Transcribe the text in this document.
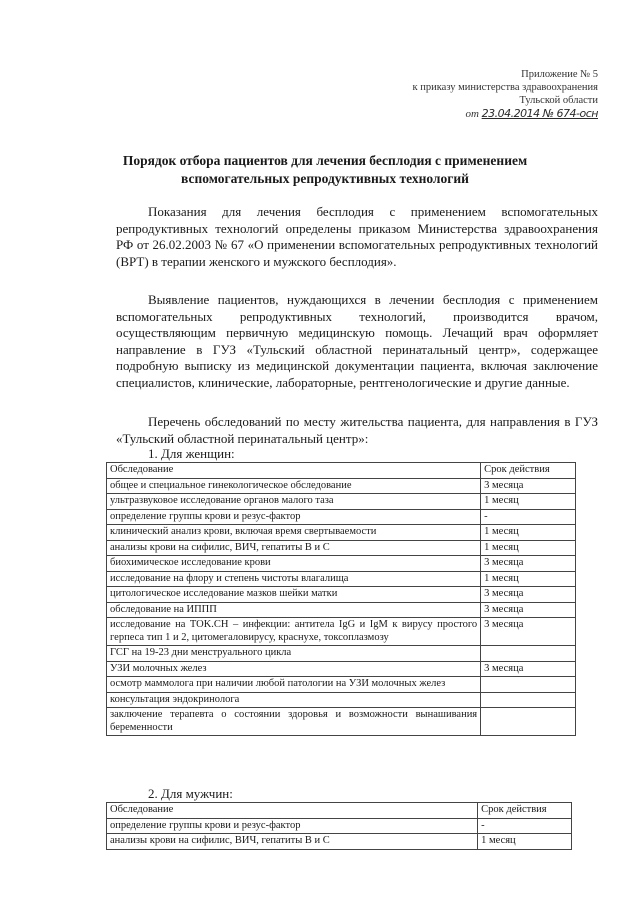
Приложение № 5
к приказу министерства здравоохранения
Тульской области
от 23.04.2014 № 674-осн
Порядок отбора пациентов для лечения бесплодия с применением
вспомогательных репродуктивных технологий

Показания для лечения бесплодия с применением вспомогательных репродуктивных технологий определены приказом Министерства здравоохранения РФ от 26.02.2003 № 67 «О применении вспомогательных репродуктивных технологий (ВРТ) в терапии женского и мужского бесплодия».

Выявление пациентов, нуждающихся в лечении бесплодия с применением вспомогательных репродуктивных технологий, производится врачом, осуществляющим первичную медицинскую помощь. Лечащий врач оформляет направление в ГУЗ «Тульский областной перинатальный центр», содержащее подробную выписку из медицинской документации пациента, включая заключение специалистов, клинические, лабораторные, рентгенологические и другие данные.

Перечень обследований по месту жительства пациента, для направления в ГУЗ «Тульский областной перинатальный центр»:

1. Для женщин:
Обследование	Срок действия
общее и специальное гинекологическое обследование	3 месяца
ультразвуковое исследование органов малого таза	1 месяц
определение группы крови и резус-фактор	-
клинический анализ крови, включая время свертываемости	1 месяц
анализы крови на сифилис, ВИЧ, гепатиты В и С	1 месяц
биохимическое исследование крови	3 месяца
исследование на флору и степень чистоты влагалища	1 месяц
цитологическое исследование мазков шейки матки	3 месяца
обследование на ИППП	3 месяца
исследование на TOK.CH – инфекции: антитела IgG и IgM к вирусу простого герпеса тип 1 и 2, цитомегаловирусу, краснухе, токсоплазмозу	3 месяца
ГСГ на 19-23 дни менструального цикла	
УЗИ молочных желез	3 месяца
осмотр маммолога при наличии любой патологии на УЗИ молочных желез	
консультация эндокринолога	
заключение терапевта о состоянии здоровья и возможности вынашивания беременности	
2. Для мужчин:
Обследование	Срок действия
определение группы крови и резус-фактор	-
анализы крови на сифилис, ВИЧ, гепатиты В и С	1 месяц
